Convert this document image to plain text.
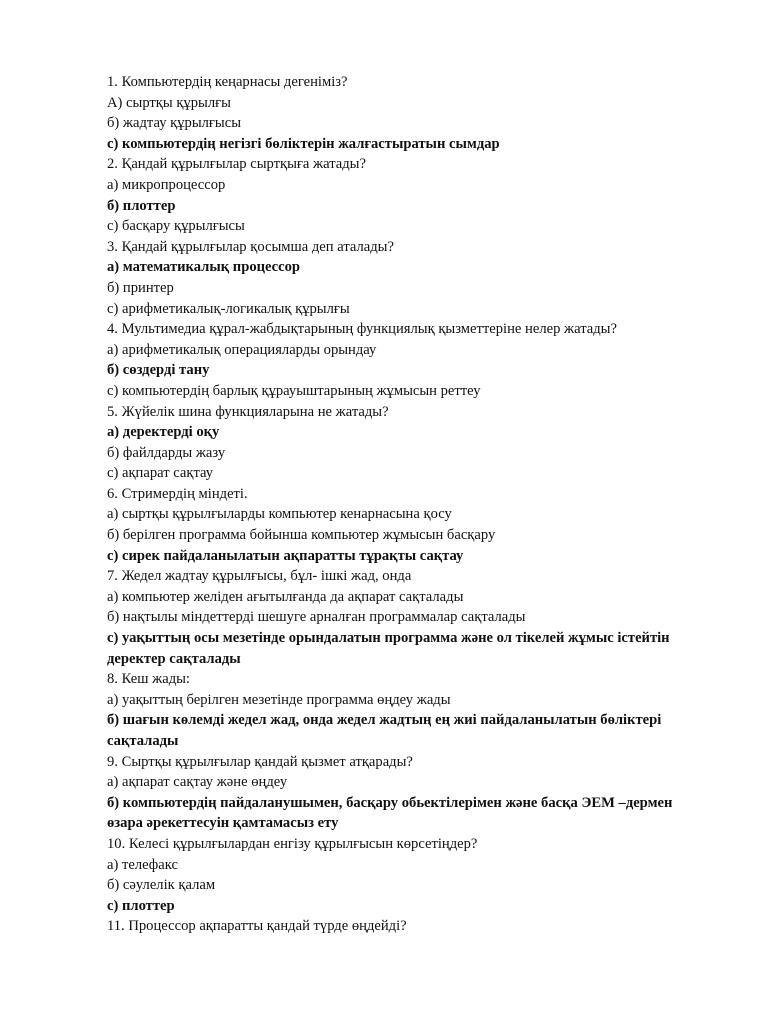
1. Компьютердің кеңарнасы дегеніміз?
А) сыртқы құрылғы
б) жадтау құрылғысы
с) компьютердің негізгі бөліктерін жалғастыратын сымдар
2. Қандай құрылғылар сыртқыға жатады?
а) микропроцессор
б) плоттер
с) басқару құрылғысы
3. Қандай құрылғылар қосымша деп аталады?
а) математикалық процессор
б) принтер
с) арифметикалық-логикалық құрылғы
4. Мультимедиа құрал-жабдықтарының функциялық қызметтеріне нелер жатады?
а) арифметикалық операцияларды орындау
б) сөздерді тану
с) компьютердің барлық құрауыштарының жұмысын реттеу
5. Жүйелік шина функцияларына не жатады?
а) деректерді оқу
б) файлдарды жазу
с) ақпарат сақтау
6. Стримердің міндеті.
а) сыртқы құрылғыларды компьютер кенарнасына қосу
б) берілген программа бойынша компьютер жұмысын басқару
с) сирек пайдаланылатын ақпаратты тұрақты сақтау
7. Жедел жадтау құрылғысы, бұл- ішкі жад, онда
а) компьютер желіден ағытылғанда да ақпарат сақталады
б) нақтылы міндеттерді шешуге арналған программалар сақталады
с) уақыттың осы мезетінде орындалатын программа және ол тікелей жұмыс істейтін
деректер сақталады
8. Кеш жады:
а) уақыттың берілген мезетінде программа өңдеу жады
б) шағын көлемді жедел жад, онда жедел жадтың ең жиі пайдаланылатын бөліктері
сақталады
9. Сыртқы құрылғылар қандай қызмет атқарады?
а) ақпарат сақтау және өңдеу
б) компьютердің пайдаланушымен, басқару обьектілерімен және басқа ЭЕМ –дермен
өзара әрекеттесуін қамтамасыз ету
10. Келесі құрылғылардан енгізу құрылғысын көрсетіңдер?
а) телефакс
б) сәулелік қалам
с) плоттер
11. Процессор ақпаратты қандай түрде өңдейді?
